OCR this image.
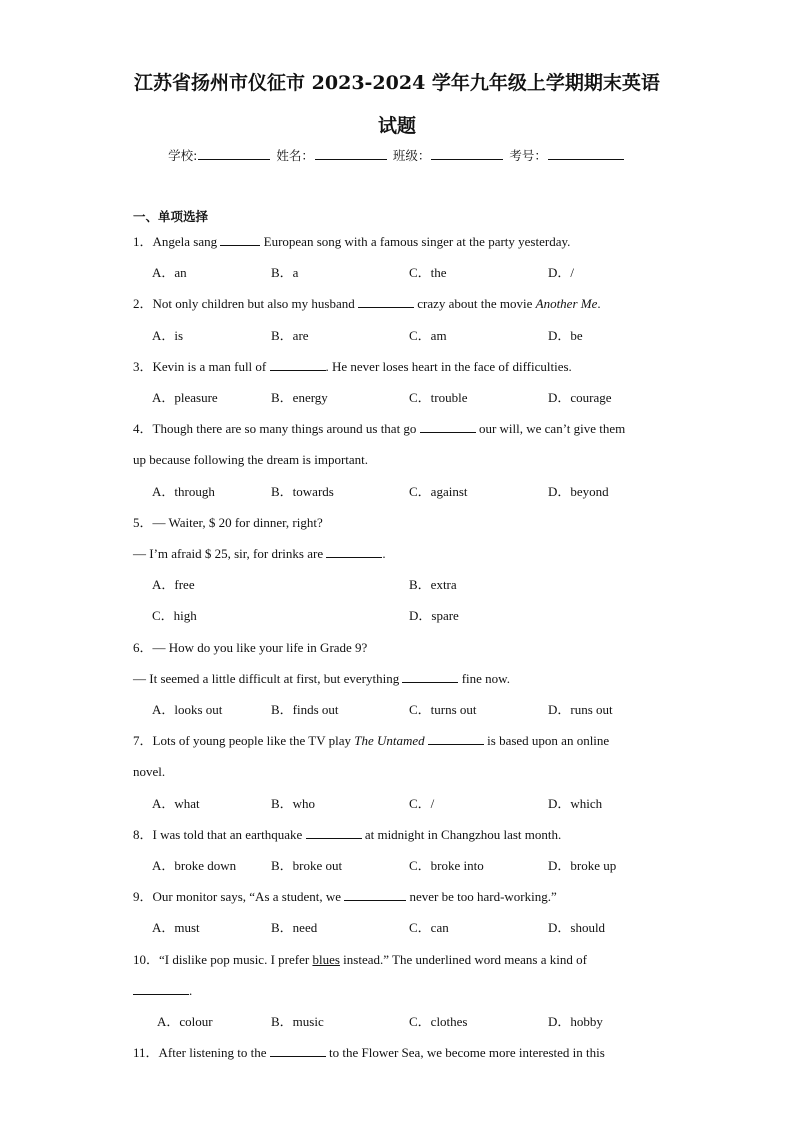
江苏省扬州市仪征市 2023-2024 学年九年级上学期期末英语
试题
学校:	姓名：	班级：	考号：
一、单项选择
1．Angela sang	European song with a famous singer at the party yesterday.
A．an	B．a	C．the	D．/
2．Not only children but also my husband	crazy about the movie Another Me.
A．is	B．are	C．am	D．be
3．Kevin is a man full of	. He never loses heart in the face of difficulties.
A．pleasure	B．energy	C．trouble	D．courage
4．Though there are so many things around us that go	our will, we can’t give them
up because following the dream is important.
A．through	B．towards	C．against	D．beyond
5．— Waiter, $ 20 for dinner, right?
— I’m afraid $ 25, sir, for drinks are	.
A．free	B．extra
C．high	D．spare
6．— How do you like your life in Grade 9?
— It seemed a little difficult at first, but everything	fine now.
A．looks out	B．finds out	C．turns out	D．runs out
7．Lots of young people like the TV play The Untamed	is based upon an online
novel.
A．what	B．who	C．/	D．which
8．I was told that an earthquake	at midnight in Changzhou last month.
A．broke down	B．broke out	C．broke into	D．broke up
9．Our monitor says, “As a student, we	never be too hard-working.”
A．must	B．need	C．can	D．should
10．“I dislike pop music. I prefer blues instead.” The underlined word means a kind of
.
A．colour	B．music	C．clothes	D．hobby
11．After listening to the	to the Flower Sea, we become more interested in this
